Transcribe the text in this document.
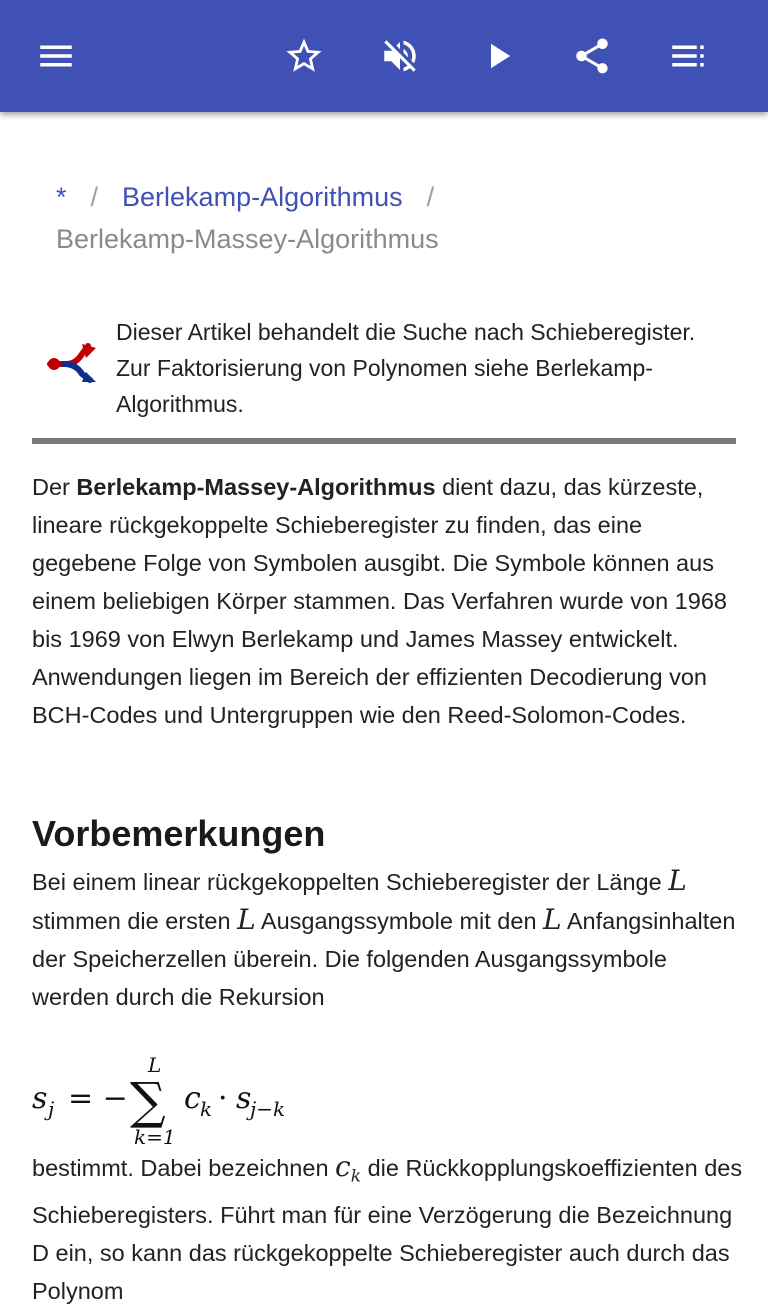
* / Berlekamp-Algorithmus /
Berlekamp-Massey-Algorithmus
Dieser Artikel behandelt die Suche nach Schieberegister. Zur Faktorisierung von Polynomen siehe Berlekamp-Algorithmus.
Der Berlekamp-Massey-Algorithmus dient dazu, das kürzeste, lineare rückgekoppelte Schieberegister zu finden, das eine gegebene Folge von Symbolen ausgibt. Die Symbole können aus einem beliebigen Körper stammen. Das Verfahren wurde von 1968 bis 1969 von Elwyn Berlekamp und James Massey entwickelt. Anwendungen liegen im Bereich der effizienten Decodierung von BCH-Codes und Untergruppen wie den Reed-Solomon-Codes.
Vorbemerkungen
Bei einem linear rückgekoppelten Schieberegister der Länge L stimmen die ersten L Ausgangssymbole mit den L Anfangsinhalten der Speicherzellen überein. Die folgenden Ausgangssymbole werden durch die Rekursion
s j = −
L
∑
k=1
c k · s
j−k
bestimmt. Dabei bezeichnen $c_k$ die Rückkopplungskoeffizienten des Schieberegisters. Führt man für eine Verzögerung die Bezeichnung D ein, so kann das rückgekoppelte Schieberegister auch durch das Polynom
